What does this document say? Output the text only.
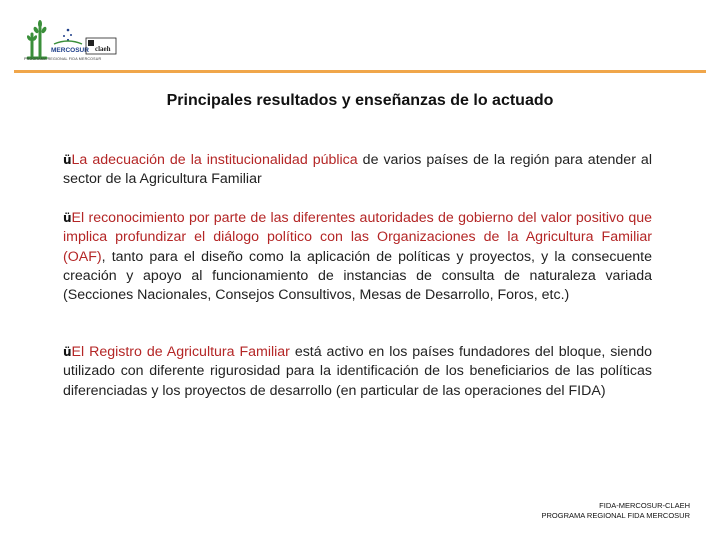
MERCOSUR claeh
PROGRAMA REGIONAL FIDA MERCOSUR
Principales resultados y enseñanzas de lo actuado
üLa adecuación de la institucionalidad pública de varios países de la región para atender al sector de la Agricultura Familiar
üEl reconocimiento por parte de las diferentes autoridades de gobierno del valor positivo que implica profundizar el diálogo político con las Organizaciones de la Agricultura Familiar (OAF), tanto para el diseño como la aplicación de políticas y proyectos, y la consecuente creación y apoyo al funcionamiento de instancias de consulta de naturaleza variada (Secciones Nacionales, Consejos Consultivos, Mesas de Desarrollo, Foros, etc.)
üEl Registro de Agricultura Familiar está activo en los países fundadores del bloque, siendo utilizado con diferente rigurosidad para la identificación de los beneficiarios de las políticas diferenciadas y los proyectos de desarrollo (en particular de las operaciones del FIDA)
FIDA-MERCOSUR-CLAEH
PROGRAMA REGIONAL FIDA MERCOSUR
